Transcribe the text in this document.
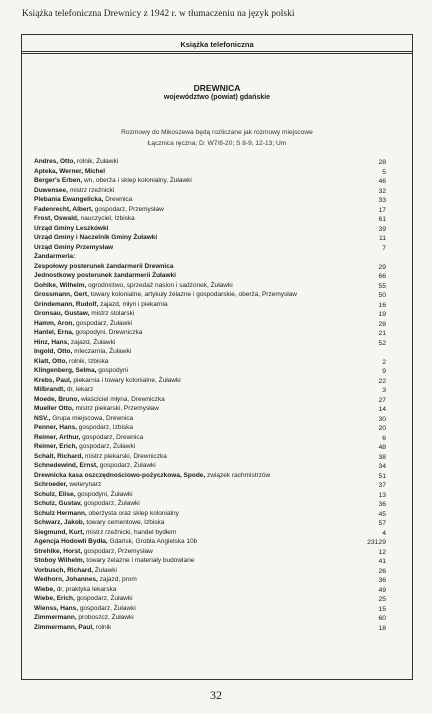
Książka telefoniczna Drewnicy z 1942 r. w tłumaczeniu na język polski
Książka telefoniczna
DREWNICA
województwo (powiat) gdańskie
Rozmowy do Mikoszewa będą rozliczane jak rozmowy miejscowe
Łącznica ręczna; D: W7/8-20; S 8-9, 12-13; Um
Andres, Otto, rolnik, Żuławki	28
Apteka, Werner, Michel	5
Berger's Erben, wn, oberża i sklep kolonialny, Żuławki	46
Duwensee, mistrz rzeźnicki	32
Plebania Ewangelicka, Drewnica	33
Fadenrecht, Albert, gospodarz, Przemysław	17
Frost, Oswald, nauczyciel, Izbiska	61
Urząd Gminy Leszkówki	39
Urząd Gminy i Naczelnik Gminy Żuławki	11
Urząd Gminy Przemysław	7
Żandarmeria:
Zespołowy posterunek żandarmerii Drewnica	29
Jednostkowy posterunek żandarmerii Żuławki	66
Gohlke, Wilhelm, ogrodnictwo, sprzedaż nasion i sadzonek, Żuławki	55
Grossmann, Gert, towary kolonialne, artykuły żelazne i gospodarskie, oberża, Przemysław	50
Grindemann, Rudolf, zajazd, młyn i piekarnia	16
Gronsau, Gustaw, mistrz stolarski	19
Hamm, Aron, gospodarz, Żuławki	28
Hantel, Erna, gospodyni, Drewniczka	21
Hinz, Hans, zajazd, Żuławki	52
Ingold, Otto, mleczarnia, Żuławki
Klatt, Otto, rolnik, Izbiska	2
Klingenberg, Selma, gospodyni	9
Krebs, Paul, piekarnia i towary kolonialne, Żuławki	22
Milbrandt, dr, lekarz	3
Moede, Bruno, właściciel młyna, Drewniczka	27
Mueller Otto, mistrz piekarski, Przemysław	14
NSV., Grupa miejscowa, Drewnica	30
Penner, Hans, gospodarz, Izbiska	20
Reimer, Arthur, gospodarz, Drewnica	6
Reimer, Erich, gospodarz, Żuławki	48
Schalt, Richard, mistrz piekarski, Drewniczka	38
Schnedewind, Ernst, gospodarz, Żuławki	34
Drewnicka kasa oszczędnościowo-pożyczkowa, Spode, związek rachmistrzów	51
Schroeder, weterynarz	37
Schulz, Elise, gospodyni, Żuławki	13
Schulz, Gustav, gospodarz, Żuławki	36
Schulz Hermann, oberżysta oraz sklep kolonialny	45
Schwarz, Jakob, towary cementowe, Izbiska	57
Siegmund, Kurt, mistrz rzeźnicki, handel bydłem	4
Agencja Hodowli Bydła, Gdańsk, Grobla Angielska 10b	23129
Strehlke, Horst, gospodarz, Przemysław	12
Stoboy Wilhelm, towary żelazne i materiały budowlane	41
Vorbusch, Richard, Żuławki	26
Wedhorn, Johannes, zajazd, prom	36
Wiebe, dr, praktyka lekarska	49
Wiebe, Erich, gospodarz, Żuławki	25
Wienss, Hans, gospodarz, Żuławki	15
Zimmermann, proboszcz, Żuławki	60
Zimmermann, Paul, rolnik	18
32
